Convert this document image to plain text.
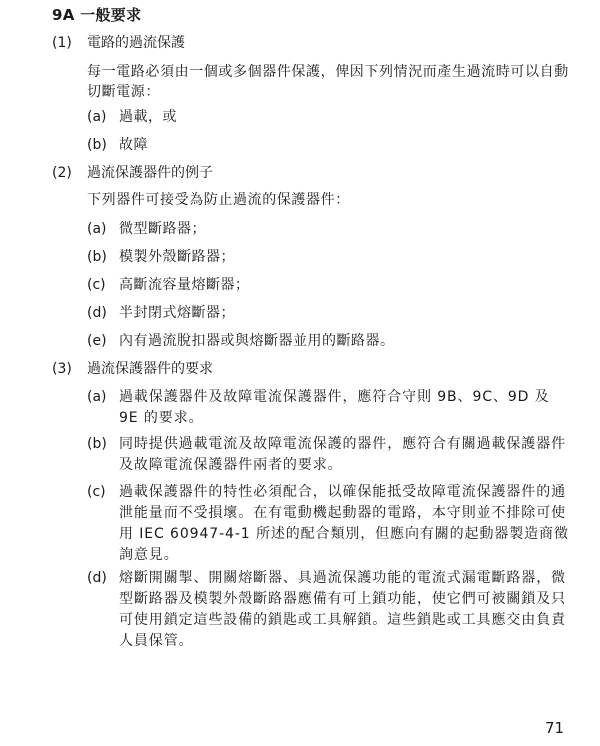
9A 一般要求
(1) 電路的過流保護
每一電路必須由一個或多個器件保護，俾因下列情況而產生過流時可以自動切斷電源：
(a) 過載，或
(b) 故障
(2) 過流保護器件的例子
下列器件可接受為防止過流的保護器件：
(a) 微型斷路器；
(b) 模製外殼斷路器；
(c) 高斷流容量熔斷器；
(d) 半封閉式熔斷器；
(e) 內有過流脫扣器或與熔斷器並用的斷路器。
(3) 過流保護器件的要求
(a) 過載保護器件及故障電流保護器件，應符合守則 9B、9C、9D 及 9E 的要求。
(b) 同時提供過載電流及故障電流保護的器件，應符合有關過載保護器件及故障電流保護器件兩者的要求。
(c) 過載保護器件的特性必須配合，以確保能抵受故障電流保護器件的通泄能量而不受損壞。在有電動機起動器的電路，本守則並不排除可使用 IEC 60947-4-1 所述的配合類別，但應向有關的起動器製造商徵詢意見。
(d) 熔斷開關掣、開關熔斷器、具過流保護功能的電流式漏電斷路器，微型斷路器及模製外殼斷路器應備有可上鎖功能，使它們可被關鎖及只可使用鎖定這些設備的鎖匙或工具解鎖。這些鎖匙或工具應交由負責人員保管。
71
